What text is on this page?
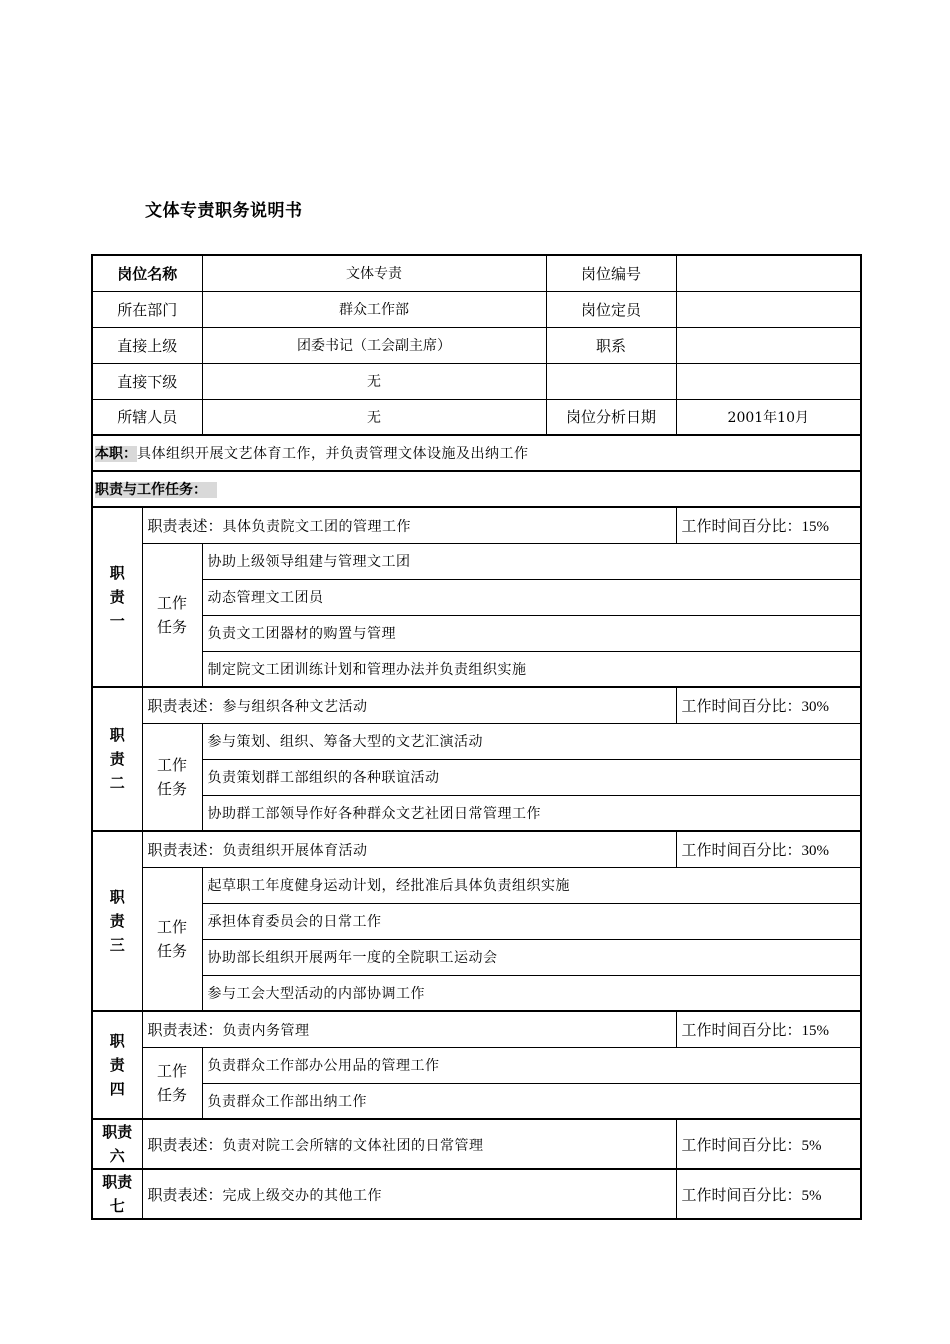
文体专责职务说明书
岗位名称		文体专责	岗位编号	
所在部门		群众工作部	岗位定员	
直接上级		团委书记（工会副主席）	职系	
直接下级		无		
所辖人员		无	岗位分析日期	2001年10月
本职：具体组织开展文艺体育工作，并负责管理文体设施及出纳工作				
职责与工作任务：				
职责一	职责表述：具体负责院文工团的管理工作			工作时间百分比：15%
	工作任务	协助上级领导组建与管理文工团		
		动态管理文工团员		
		负责文工团器材的购置与管理		
		制定院文工团训练计划和管理办法并负责组织实施		
职责二	职责表述：参与组织各种文艺活动			工作时间百分比：30%
	工作任务	参与策划、组织、筹备大型的文艺汇演活动		
		负责策划群工部组织的各种联谊活动		
		协助群工部领导作好各种群众文艺社团日常管理工作		
职责三	职责表述：负责组织开展体育活动			工作时间百分比：30%
	工作任务	起草职工年度健身运动计划，经批准后具体负责组织实施		
		承担体育委员会的日常工作		
		协助部长组织开展两年一度的全院职工运动会		
		参与工会大型活动的内部协调工作		
职责四	职责表述：负责内务管理			工作时间百分比：15%
	工作任务	负责群众工作部办公用品的管理工作		
		负责群众工作部出纳工作		
职责六	职责表述：负责对院工会所辖的文体社团的日常管理			工作时间百分比：5%
职责七	职责表述：完成上级交办的其他工作			工作时间百分比：5%
